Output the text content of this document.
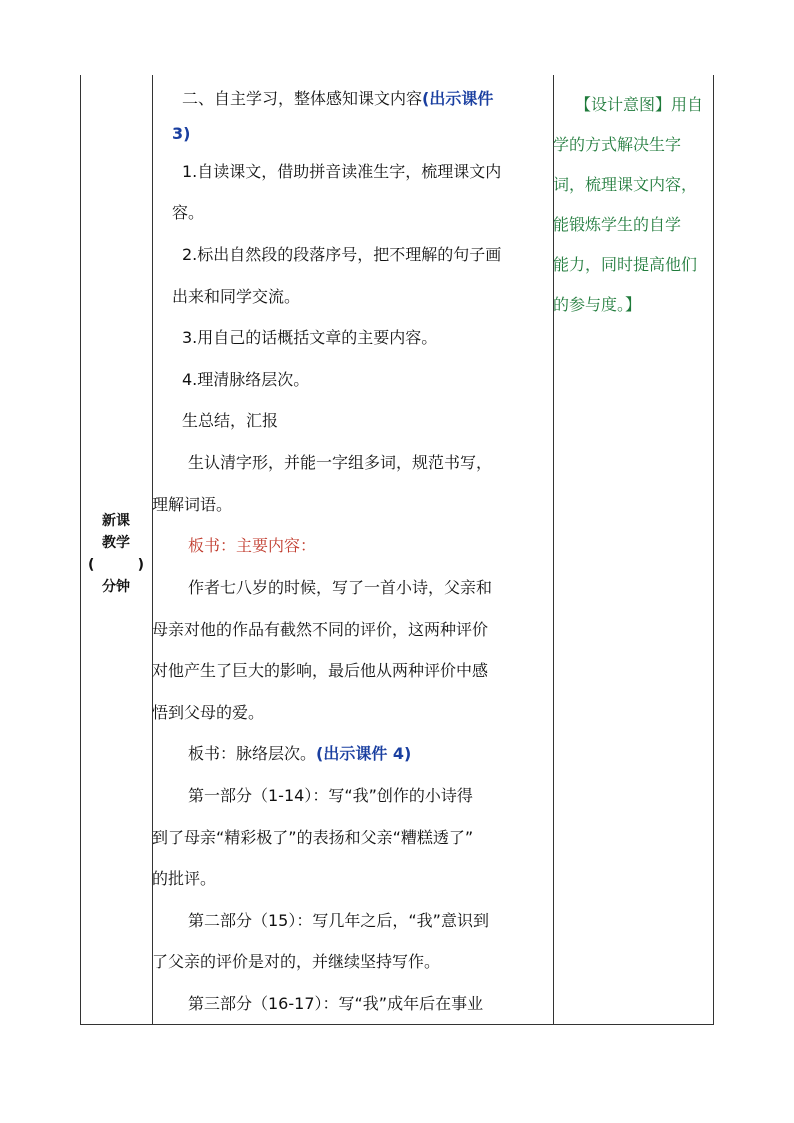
新课
教学
(	)
分钟
二、自主学习，整体感知课文内容(出示课件
3)
1.自读课文，借助拼音读准生字，梳理课文内
容。
2.标出自然段的段落序号，把不理解的句子画
出来和同学交流。
3.用自己的话概括文章的主要内容。
4.理清脉络层次。
生总结，汇报
生认清字形，并能一字组多词，规范书写，
理解词语。
板书：主要内容：
作者七八岁的时候，写了一首小诗，父亲和
母亲对他的作品有截然不同的评价，这两种评价
对他产生了巨大的影响，最后他从两种评价中感
悟到父母的爱。
板书：脉络层次。(出示课件 4)
第一部分（1-14）：写“我”创作的小诗得
到了母亲“精彩极了”的表扬和父亲“糟糕透了”
的批评。
第二部分（15）：写几年之后，“我”意识到
了父亲的评价是对的，并继续坚持写作。
第三部分（16-17）：写“我”成年后在事业
【设计意图】用自
学的方式解决生字
词，梳理课文内容，
能锻炼学生的自学
能力，同时提高他们
的参与度。】
